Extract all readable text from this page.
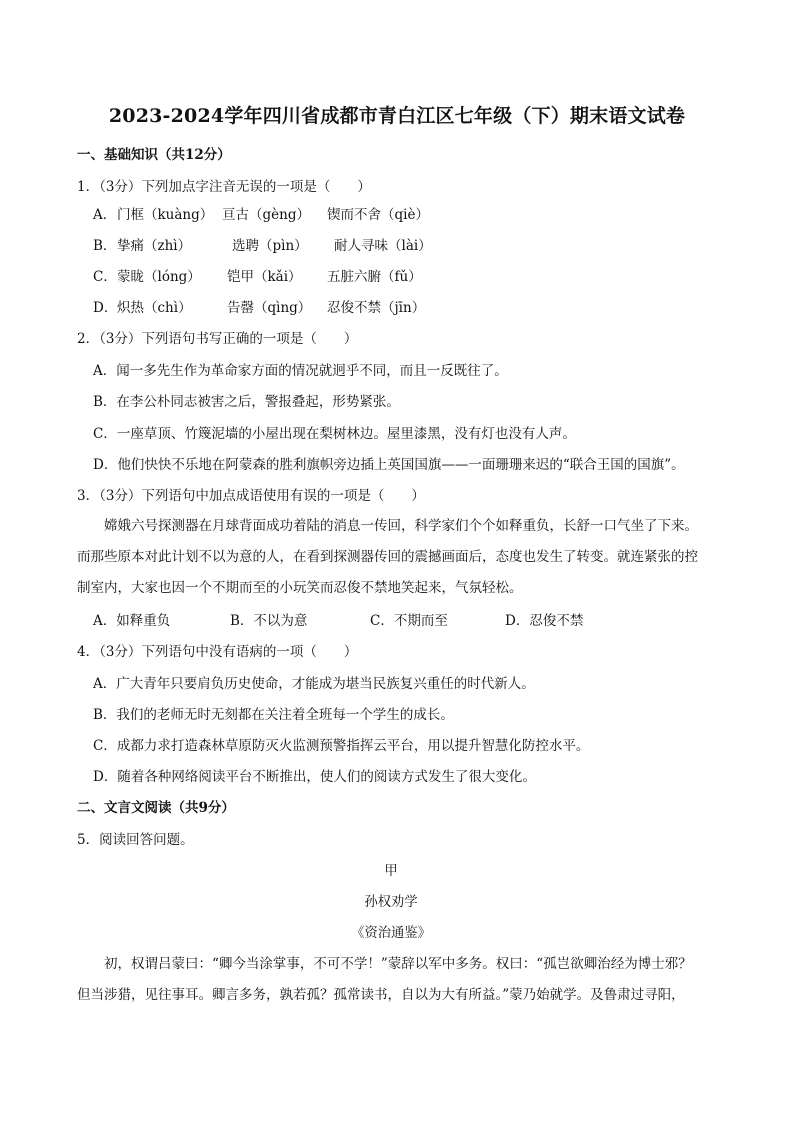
2023-2024学年四川省成都市青白江区七年级（下）期末语文试卷
一、基础知识（共12分）
1．（3分）下列加点字注音无误的一项是（　　）
A． 门框（kuàng） 亘古（gèng） 锲而不舍（qiè）
B． 挚痛（zhì）	选聘（pìn） 耐人寻味（lài）
C． 蒙眬（lóng） 铠甲（kǎi） 五脏六腑（fǔ）
D． 炽热（chì）	告罄（qìng） 忍俊不禁（jīn）
2．（3分）下列语句书写正确的一项是（　　）
A．闻一多先生作为革命家方面的情况就迥乎不同，而且一反既往了。
B．在李公朴同志被害之后，警报叠起，形势紧张。
C．一座草顶、竹篾泥墙的小屋出现在梨树林边。屋里漆黑，没有灯也没有人声。
D．他们快快不乐地在阿蒙森的胜利旗帜旁边插上英国国旗——一面珊珊来迟的“联合王国的国旗”。
3．（3分）下列语句中加点成语使用有误的一项是（　　）
　　嫦娥六号探测器在月球背面成功着陆的消息一传回，科学家们个个如释重负，长舒一口气坐了下来。
而那些原本对此计划不以为意的人，在看到探测器传回的震撼画面后，态度也发生了转变。就连紧张的控
制室内，大家也因一个不期而至的小玩笑而忍俊不禁地笑起来，气氛轻松。
A．如释重负	B．不以为意	C．不期而至	D．忍俊不禁
4．（3分）下列语句中没有语病的一项（　　）
A．广大青年只要肩负历史使命，才能成为堪当民族复兴重任的时代新人。
B．我们的老师无时无刻都在关注着全班每一个学生的成长。
C．成都力求打造森林草原防灭火监测预警指挥云平台，用以提升智慧化防控水平。
D．随着各种网络阅读平台不断推出，使人们的阅读方式发生了很大变化。
二、文言文阅读（共9分）
5．阅读回答问题。
甲
孙权劝学
《资治通鉴》
　　初，权谓吕蒙曰：“卿今当涂掌事，不可不学！”蒙辞以军中多务。权曰：“孤岂欲卿治经为博士邪？
但当涉猎，见往事耳。卿言多务，孰若孤？孤常读书，自以为大有所益。”蒙乃始就学。及鲁肃过寻阳，
